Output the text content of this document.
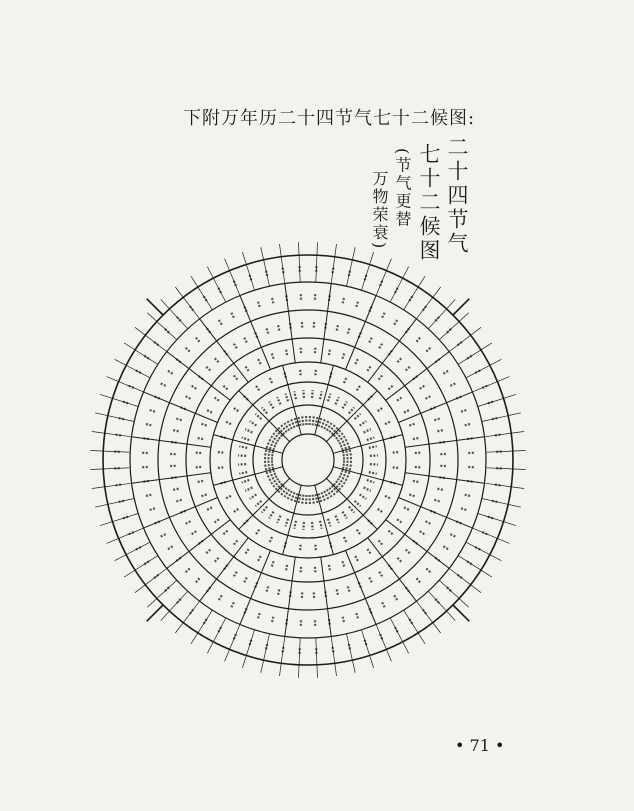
下附万年历二十四节气七十二候图:
二十四节气
七十二候图
(节气更替
万物荣衰)
• 71 •
